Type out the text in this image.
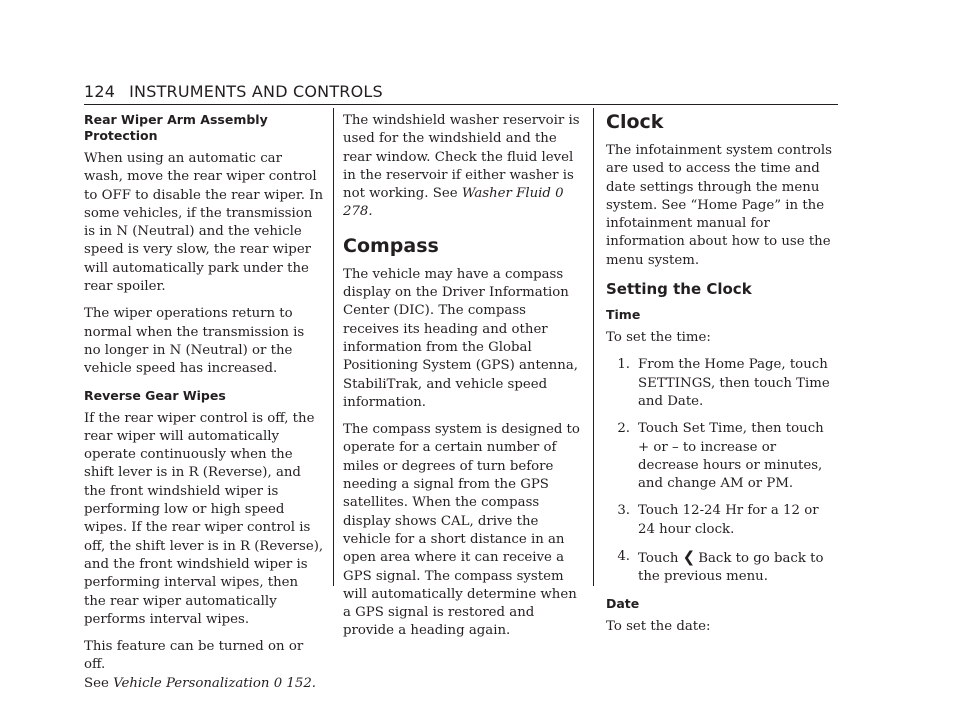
124 INSTRUMENTS AND CONTROLS
Rear Wiper Arm Assembly Protection

When using an automatic car wash, move the rear wiper control to OFF to disable the rear wiper. In some vehicles, if the transmission is in N (Neutral) and the vehicle speed is very slow, the rear wiper will automatically park under the rear spoiler.

The wiper operations return to normal when the transmission is no longer in N (Neutral) or the vehicle speed has increased.

Reverse Gear Wipes

If the rear wiper control is off, the rear wiper will automatically operate continuously when the shift lever is in R (Reverse), and the front windshield wiper is performing low or high speed wipes. If the rear wiper control is off, the shift lever is in R (Reverse), and the front windshield wiper is performing interval wipes, then the rear wiper automatically performs interval wipes.

This feature can be turned on or off.
See Vehicle Personalization 0 152.

The windshield washer reservoir is used for the windshield and the rear window. Check the fluid level in the reservoir if either washer is not working. See Washer Fluid 0 278.

Compass

The vehicle may have a compass display on the Driver Information Center (DIC). The compass receives its heading and other information from the Global Positioning System (GPS) antenna, StabiliTrak, and vehicle speed information.

The compass system is designed to operate for a certain number of miles or degrees of turn before needing a signal from the GPS satellites. When the compass display shows CAL, drive the vehicle for a short distance in an open area where it can receive a GPS signal. The compass system will automatically determine when a GPS signal is restored and provide a heading again.

Clock

The infotainment system controls are used to access the time and date settings through the menu system. See “Home Page” in the infotainment manual for information about how to use the menu system.

Setting the Clock
Time

To set the time:

1. From the Home Page, touch SETTINGS, then touch Time and Date.
2. Touch Set Time, then touch + or – to increase or decrease hours or minutes, and change AM or PM.
3. Touch 12-24 Hr for a 12 or 24 hour clock.
4. Touch ❮ Back to go back to the previous menu.
Date

To set the date:
